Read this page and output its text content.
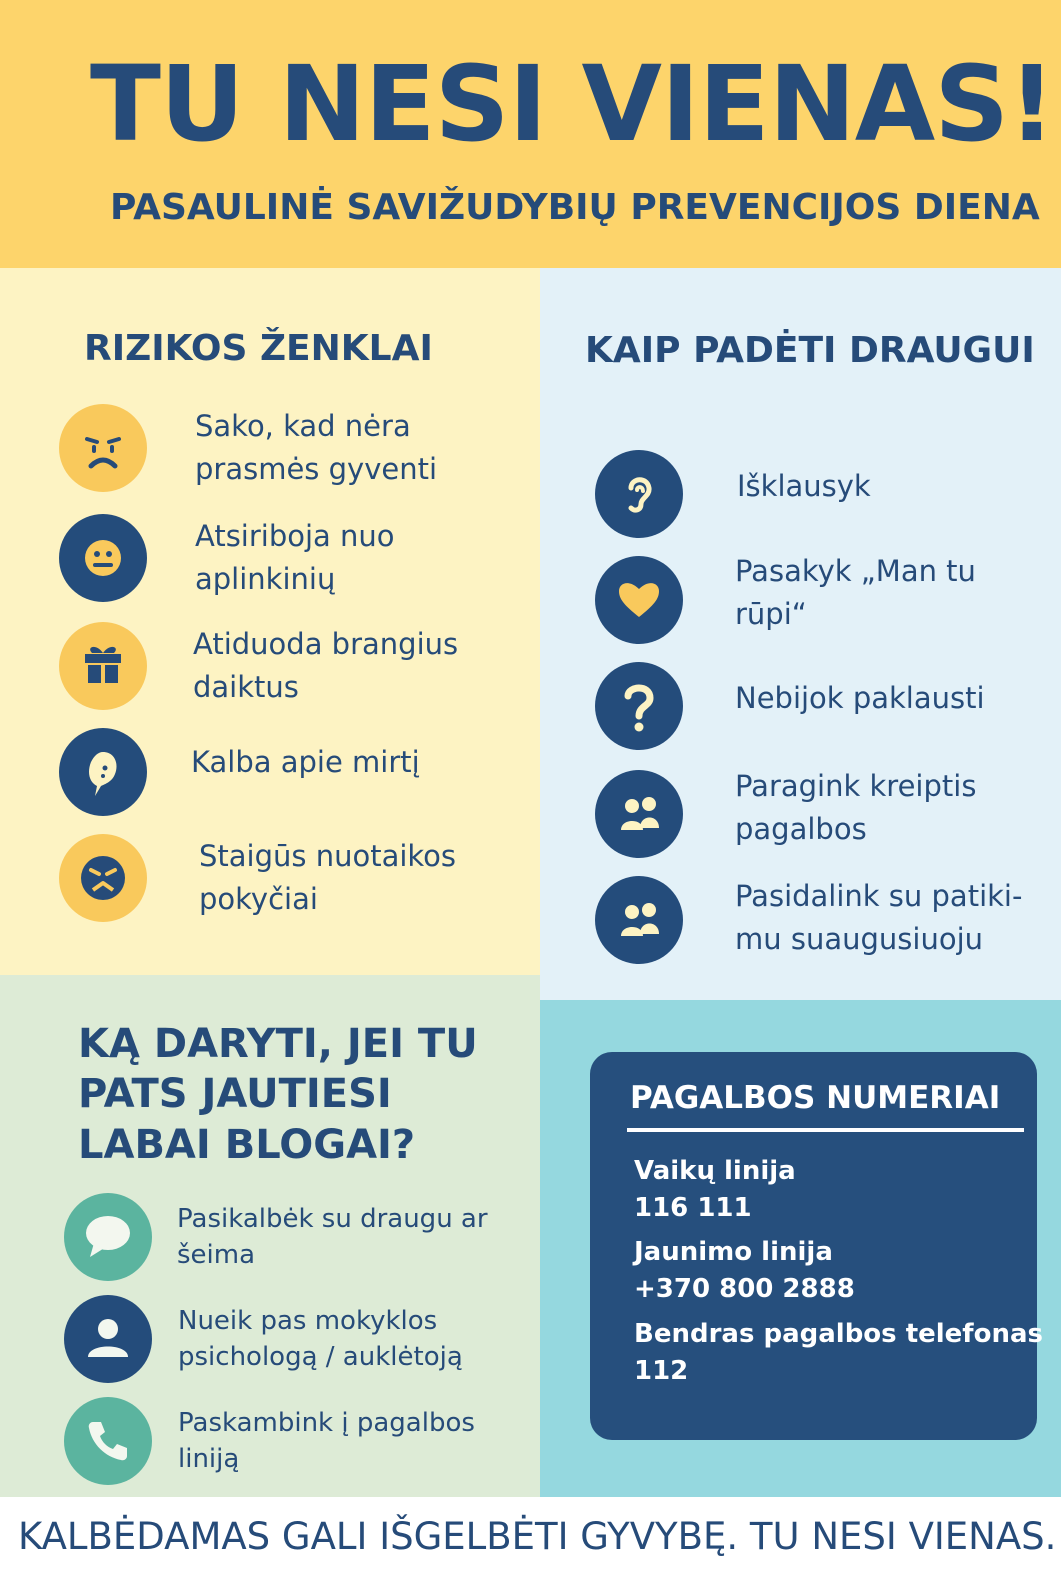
TU NESI VIENAS!
PASAULINĖ SAVIŽUDYBIŲ PREVENCIJOS DIENA
RIZIKOS ŽENKLAI
Sako, kad nėra
prasmės gyventi
Atsiriboja nuo
aplinkinių
Atiduoda brangius
daiktus
Kalba apie mirtį
Staigūs nuotaikos
pokyčiai
KAIP PADĖTI DRAUGUI
Išklausyk
Pasakyk „Man tu
rūpi“
Nebijok paklausti
Paragink kreiptis
pagalbos
Pasidalink su patiki-
mu suaugusiuoju
KĄ DARYTI, JEI TU
PATS JAUTIESI
LABAI BLOGAI?
Pasikalbėk su draugu ar
šeima
Nueik pas mokyklos
psichologą / auklėtoją
Paskambink į pagalbos
liniją
PAGALBOS NUMERIAI
Vaikų linija
116 111
Jaunimo linija
+370 800 2888
Bendras pagalbos telefonas
112
KALBĖDAMAS GALI IŠGELBĖTI GYVYBĘ. TU NESI VIENAS.
